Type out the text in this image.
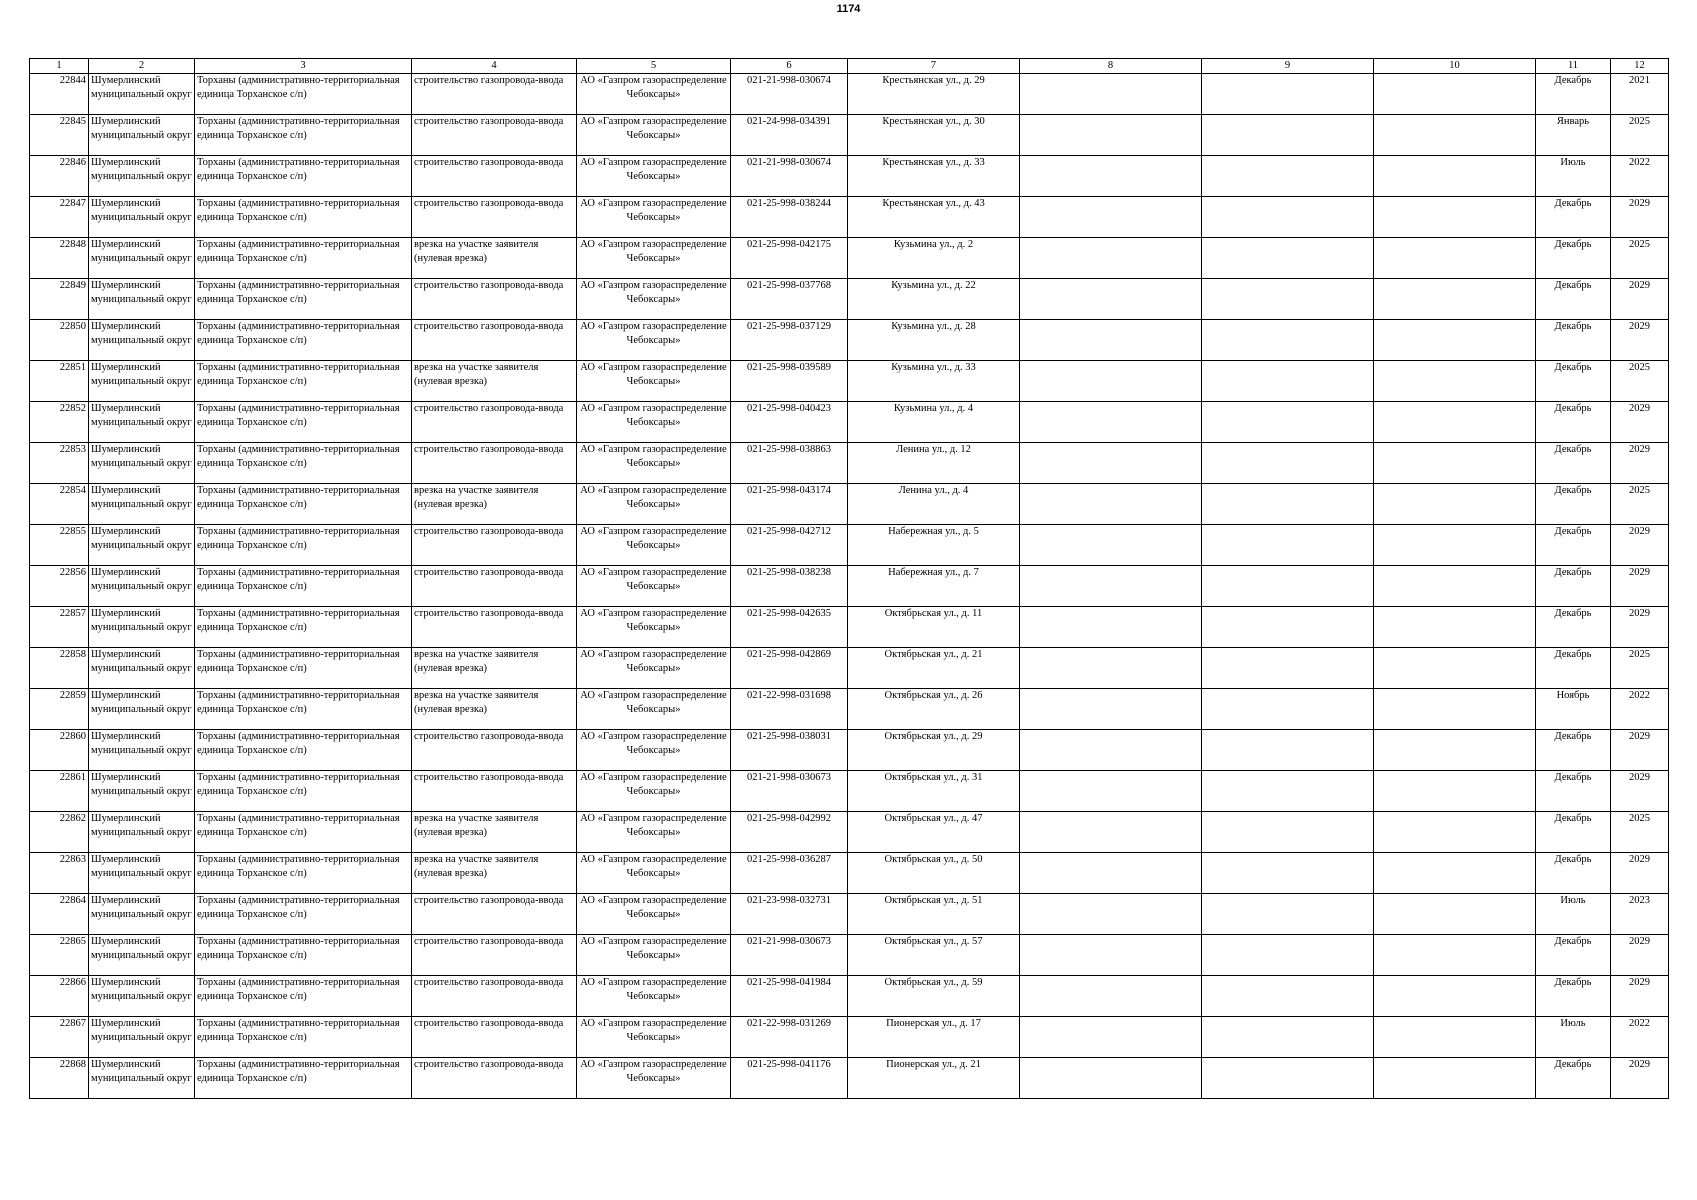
1174
1	2	3	4	5	6	7	8	9	10	11	12

22844	Шумерлинский муниципальный округ	Торханы (административно-территориальная единица Торханское с/п)	строительство газопровода-ввода	АО «Газпром газораспределение Чебоксары»	021-21-998-030674	Крестьянская ул., д. 29				Декабрь	2021

22845	Шумерлинский муниципальный округ	Торханы (административно-территориальная единица Торханское с/п)	строительство газопровода-ввода	АО «Газпром газораспределение Чебоксары»	021-24-998-034391	Крестьянская ул., д. 30				Январь	2025

22846	Шумерлинский муниципальный округ	Торханы (административно-территориальная единица Торханское с/п)	строительство газопровода-ввода	АО «Газпром газораспределение Чебоксары»	021-21-998-030674	Крестьянская ул., д. 33				Июль	2022

22847	Шумерлинский муниципальный округ	Торханы (административно-территориальная единица Торханское с/п)	строительство газопровода-ввода	АО «Газпром газораспределение Чебоксары»	021-25-998-038244	Крестьянская ул., д. 43				Декабрь	2029

22848	Шумерлинский муниципальный округ	Торханы (административно-территориальная единица Торханское с/п)	врезка на участке заявителя (нулевая врезка)	АО «Газпром газораспределение Чебоксары»	021-25-998-042175	Кузьмина ул., д. 2				Декабрь	2025

22849	Шумерлинский муниципальный округ	Торханы (административно-территориальная единица Торханское с/п)	строительство газопровода-ввода	АО «Газпром газораспределение Чебоксары»	021-25-998-037768	Кузьмина ул., д. 22				Декабрь	2029

22850	Шумерлинский муниципальный округ	Торханы (административно-территориальная единица Торханское с/п)	строительство газопровода-ввода	АО «Газпром газораспределение Чебоксары»	021-25-998-037129	Кузьмина ул., д. 28				Декабрь	2029

22851	Шумерлинский муниципальный округ	Торханы (административно-территориальная единица Торханское с/п)	врезка на участке заявителя (нулевая врезка)	АО «Газпром газораспределение Чебоксары»	021-25-998-039589	Кузьмина ул., д. 33				Декабрь	2025

22852	Шумерлинский муниципальный округ	Торханы (административно-территориальная единица Торханское с/п)	строительство газопровода-ввода	АО «Газпром газораспределение Чебоксары»	021-25-998-040423	Кузьмина ул., д. 4				Декабрь	2029

22853	Шумерлинский муниципальный округ	Торханы (административно-территориальная единица Торханское с/п)	строительство газопровода-ввода	АО «Газпром газораспределение Чебоксары»	021-25-998-038863	Ленина ул., д. 12				Декабрь	2029

22854	Шумерлинский муниципальный округ	Торханы (административно-территориальная единица Торханское с/п)	врезка на участке заявителя (нулевая врезка)	АО «Газпром газораспределение Чебоксары»	021-25-998-043174	Ленина ул., д. 4				Декабрь	2025

22855	Шумерлинский муниципальный округ	Торханы (административно-территориальная единица Торханское с/п)	строительство газопровода-ввода	АО «Газпром газораспределение Чебоксары»	021-25-998-042712	Набережная ул., д. 5				Декабрь	2029

22856	Шумерлинский муниципальный округ	Торханы (административно-территориальная единица Торханское с/п)	строительство газопровода-ввода	АО «Газпром газораспределение Чебоксары»	021-25-998-038238	Набережная ул., д. 7				Декабрь	2029

22857	Шумерлинский муниципальный округ	Торханы (административно-территориальная единица Торханское с/п)	строительство газопровода-ввода	АО «Газпром газораспределение Чебоксары»	021-25-998-042635	Октябрьская ул., д. 11				Декабрь	2029

22858	Шумерлинский муниципальный округ	Торханы (административно-территориальная единица Торханское с/п)	врезка на участке заявителя (нулевая врезка)	АО «Газпром газораспределение Чебоксары»	021-25-998-042869	Октябрьская ул., д. 21				Декабрь	2025

22859	Шумерлинский муниципальный округ	Торханы (административно-территориальная единица Торханское с/п)	врезка на участке заявителя (нулевая врезка)	АО «Газпром газораспределение Чебоксары»	021-22-998-031698	Октябрьская ул., д. 26				Ноябрь	2022

22860	Шумерлинский муниципальный округ	Торханы (административно-территориальная единица Торханское с/п)	строительство газопровода-ввода	АО «Газпром газораспределение Чебоксары»	021-25-998-038031	Октябрьская ул., д. 29				Декабрь	2029

22861	Шумерлинский муниципальный округ	Торханы (административно-территориальная единица Торханское с/п)	строительство газопровода-ввода	АО «Газпром газораспределение Чебоксары»	021-21-998-030673	Октябрьская ул., д. 31				Декабрь	2029

22862	Шумерлинский муниципальный округ	Торханы (административно-территориальная единица Торханское с/п)	врезка на участке заявителя (нулевая врезка)	АО «Газпром газораспределение Чебоксары»	021-25-998-042992	Октябрьская ул., д. 47				Декабрь	2025

22863	Шумерлинский муниципальный округ	Торханы (административно-территориальная единица Торханское с/п)	врезка на участке заявителя (нулевая врезка)	АО «Газпром газораспределение Чебоксары»	021-25-998-036287	Октябрьская ул., д. 50				Декабрь	2029

22864	Шумерлинский муниципальный округ	Торханы (административно-территориальная единица Торханское с/п)	строительство газопровода-ввода	АО «Газпром газораспределение Чебоксары»	021-23-998-032731	Октябрьская ул., д. 51				Июль	2023

22865	Шумерлинский муниципальный округ	Торханы (административно-территориальная единица Торханское с/п)	строительство газопровода-ввода	АО «Газпром газораспределение Чебоксары»	021-21-998-030673	Октябрьская ул., д. 57				Декабрь	2029

22866	Шумерлинский муниципальный округ	Торханы (административно-территориальная единица Торханское с/п)	строительство газопровода-ввода	АО «Газпром газораспределение Чебоксары»	021-25-998-041984	Октябрьская ул., д. 59				Декабрь	2029

22867	Шумерлинский муниципальный округ	Торханы (административно-территориальная единица Торханское с/п)	строительство газопровода-ввода	АО «Газпром газораспределение Чебоксары»	021-22-998-031269	Пионерская ул., д. 17				Июль	2022

22868	Шумерлинский муниципальный округ	Торханы (административно-территориальная единица Торханское с/п)	строительство газопровода-ввода	АО «Газпром газораспределение Чебоксары»	021-25-998-041176	Пионерская ул., д. 21				Декабрь	2029
